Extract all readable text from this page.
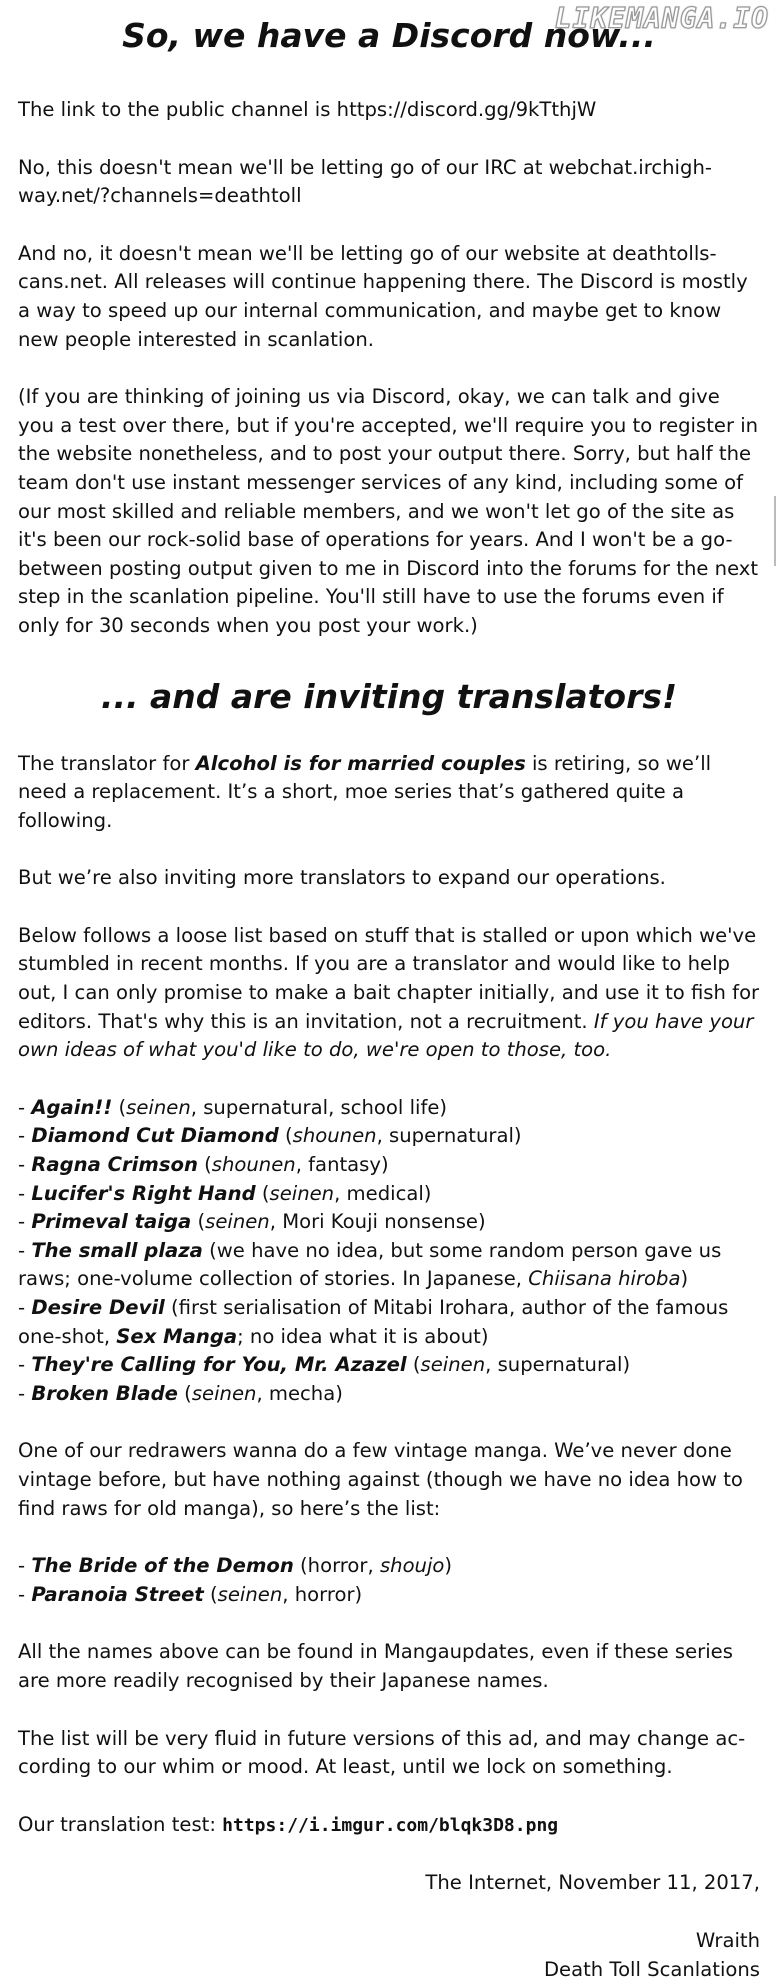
LIKEMANGA.IO
So, we have a Discord now...

The link to the public channel is https://discord.gg/9kTthjW

No, this doesn't mean we'll be letting go of our IRC at webchat.irchigh-way.net/?channels=deathtoll

And no, it doesn't mean we'll be letting go of our website at deathtolls-cans.net. All releases will continue happening there. The Discord is mostly a way to speed up our internal communication, and maybe get to know new people interested in scanlation.

(If you are thinking of joining us via Discord, okay, we can talk and give you a test over there, but if you're accepted, we'll require you to register in the website nonetheless, and to post your output there. Sorry, but half the team don't use instant messenger services of any kind, including some of our most skilled and reliable members, and we won't let go of the site as it's been our rock-solid base of operations for years. And I won't be a go-between posting output given to me in Discord into the forums for the next step in the scanlation pipeline. You'll still have to use the forums even if only for 30 seconds when you post your work.)

... and are inviting translators!

The translator for Alcohol is for married couples is retiring, so we’ll need a replacement. It’s a short, moe series that’s gathered quite a following.

But we’re also inviting more translators to expand our operations.

Below follows a loose list based on stuff that is stalled or upon which we've stumbled in recent months. If you are a translator and would like to help out, I can only promise to make a bait chapter initially, and use it to fish for editors. That's why this is an invitation, not a recruitment. If you have your own ideas of what you'd like to do, we're open to those, too.

- Again!! (seinen, supernatural, school life)
- Diamond Cut Diamond (shounen, supernatural)
- Ragna Crimson (shounen, fantasy)
- Lucifer's Right Hand (seinen, medical)
- Primeval taiga (seinen, Mori Kouji nonsense)
- The small plaza (we have no idea, but some random person gave us raws; one-volume collection of stories. In Japanese, Chiisana hiroba)
- Desire Devil (first serialisation of Mitabi Irohara, author of the famous one-shot, Sex Manga; no idea what it is about)
- They're Calling for You, Mr. Azazel (seinen, supernatural)
- Broken Blade (seinen, mecha)

One of our redrawers wanna do a few vintage manga. We’ve never done vintage before, but have nothing against (though we have no idea how to find raws for old manga), so here’s the list:

- The Bride of the Demon (horror, shoujo)
- Paranoia Street (seinen, horror)

All the names above can be found in Mangaupdates, even if these series are more readily recognised by their Japanese names.

The list will be very fluid in future versions of this ad, and may change ac-cording to our whim or mood. At least, until we lock on something.

Our translation test: https://i.imgur.com/blqk3D8.png

The Internet, November 11, 2017,

Wraith
Death Toll Scanlations
